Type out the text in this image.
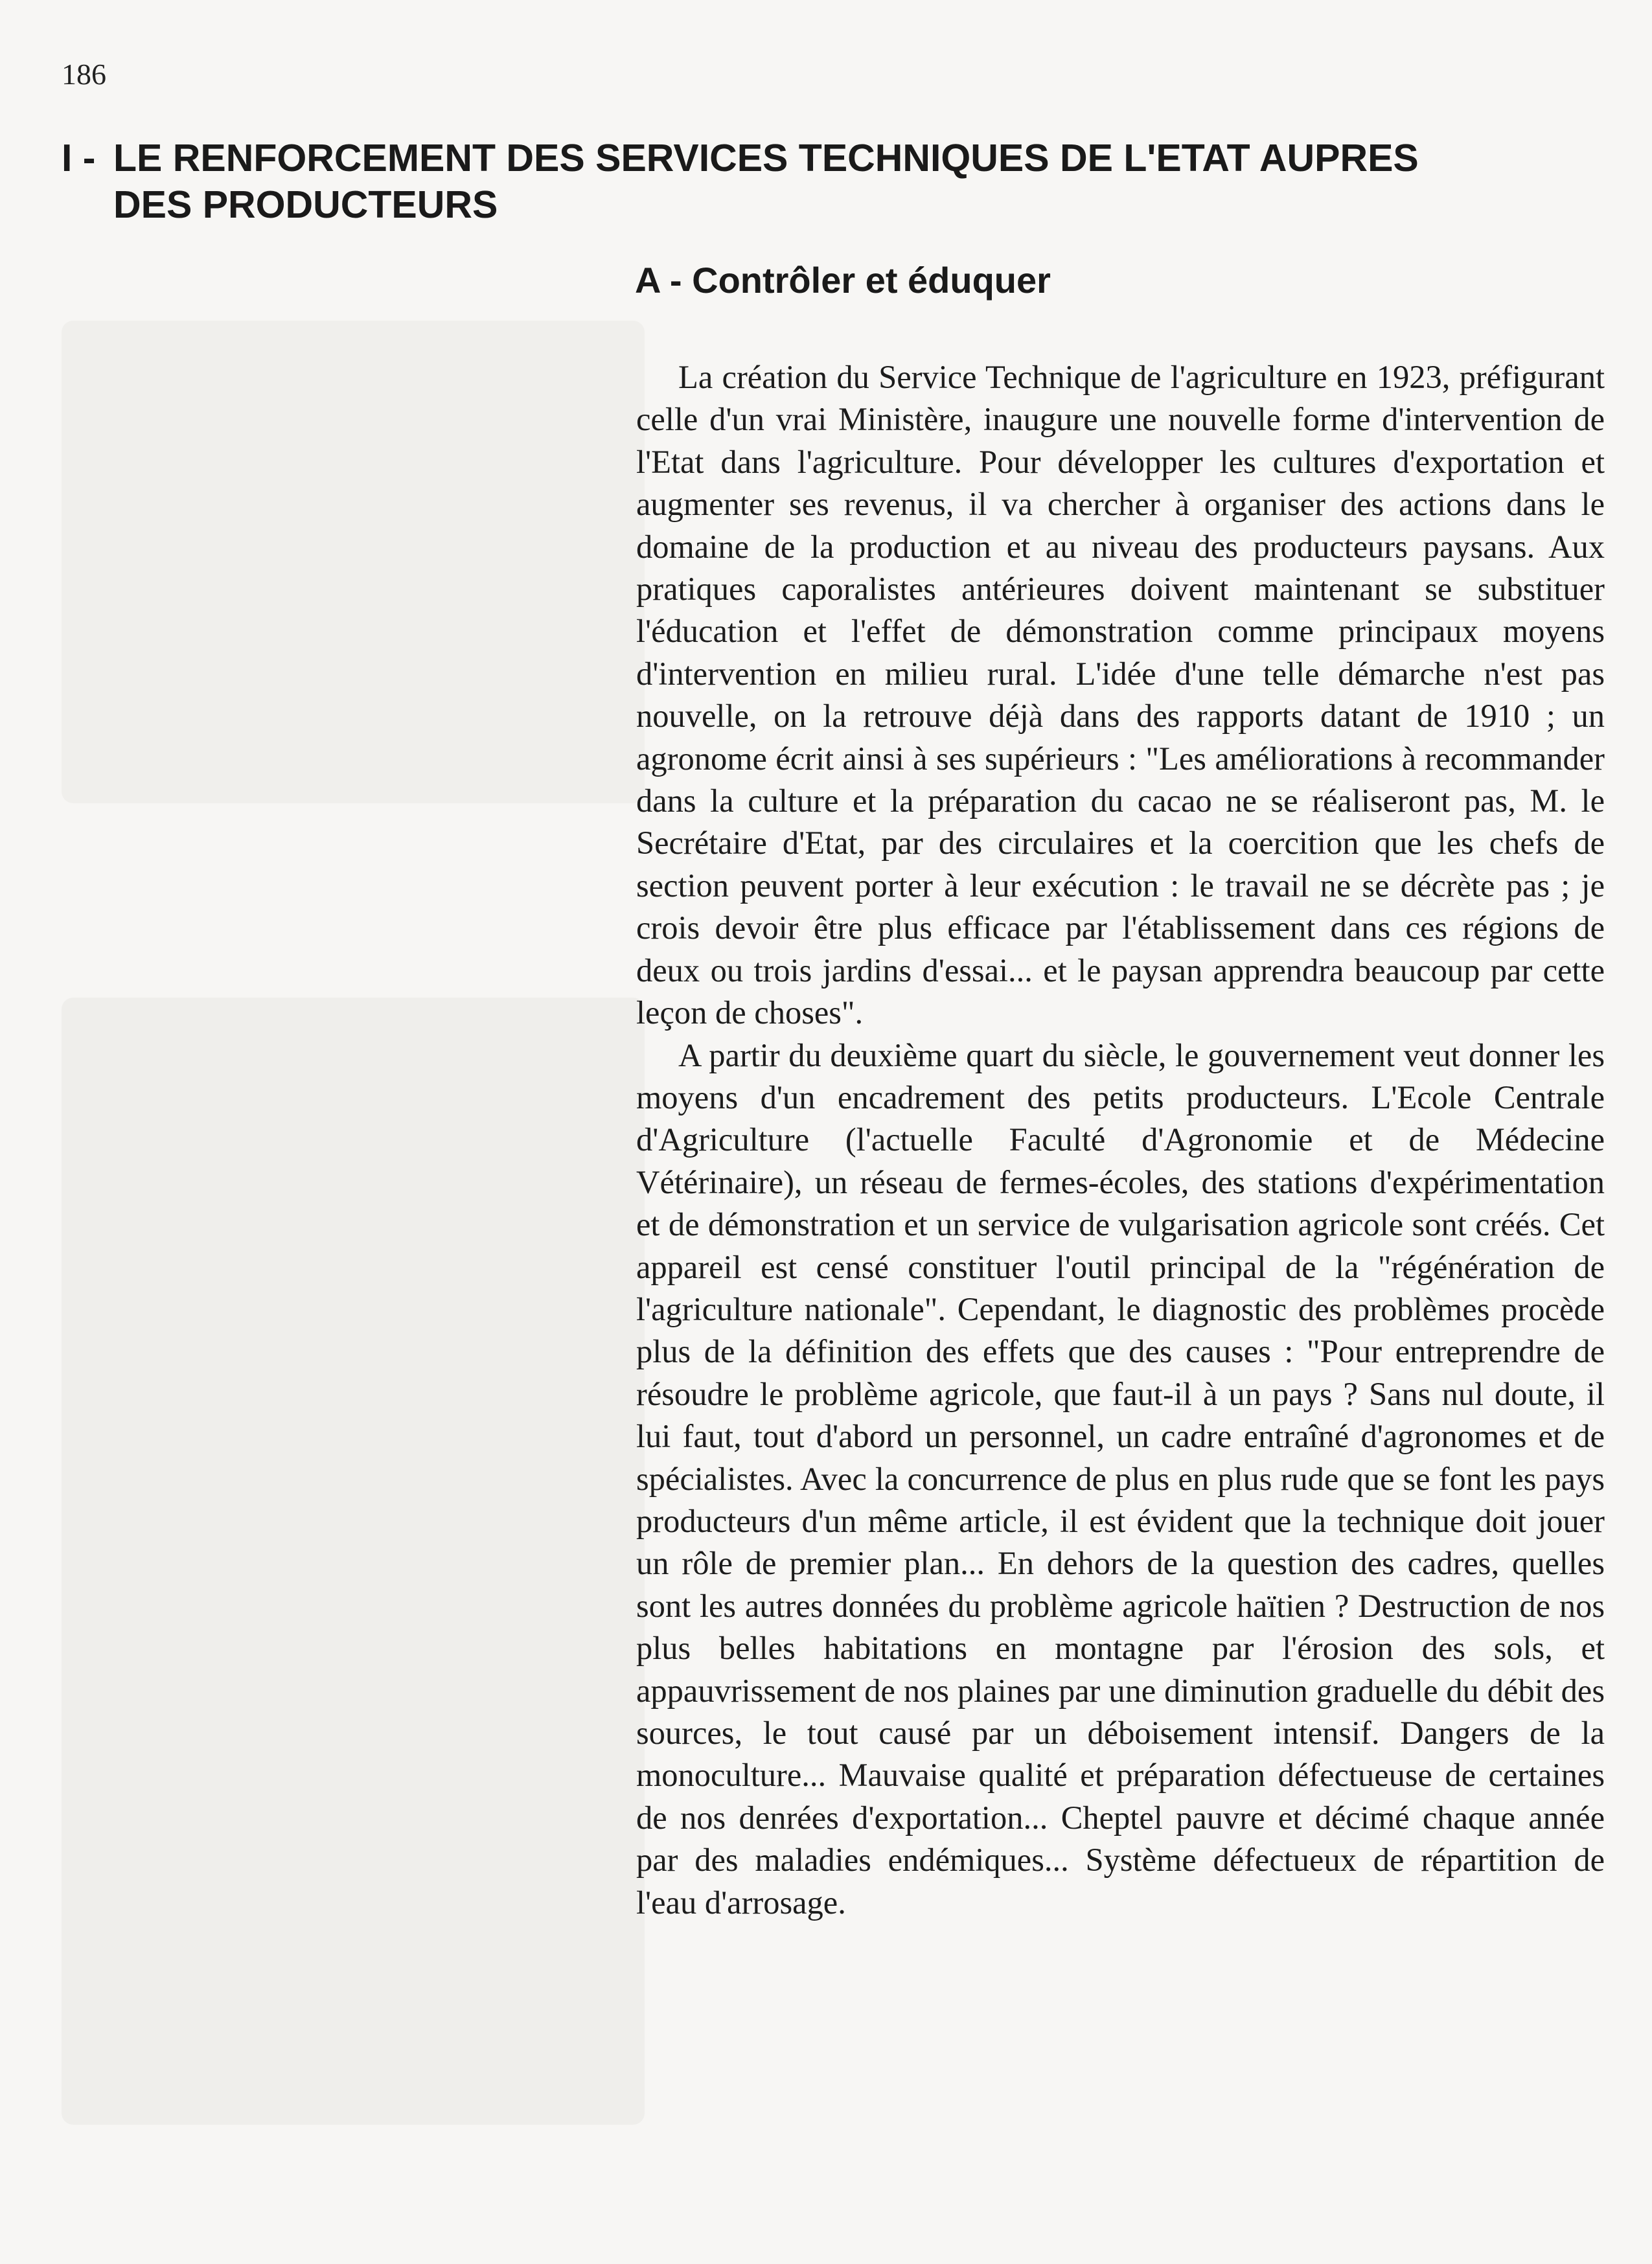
186
I - LE RENFORCEMENT DES SERVICES TECHNIQUES DE L'ETAT AUPRES
DES PRODUCTEURS
A - Contrôler et éduquer

La création du Service Technique de l'agriculture en 1923, préfigurant celle d'un vrai Ministère, inaugure une nouvelle forme d'intervention de l'Etat dans l'agriculture. Pour développer les cultures d'exportation et augmenter ses revenus, il va chercher à organiser des actions dans le domaine de la production et au niveau des producteurs paysans. Aux pratiques caporalistes antérieures doivent maintenant se substituer l'éducation et l'effet de démonstration comme principaux moyens d'intervention en milieu rural. L'idée d'une telle démarche n'est pas nouvelle, on la retrouve déjà dans des rapports datant de 1910 ; un agronome écrit ainsi à ses supérieurs : "Les améliorations à recommander dans la culture et la préparation du cacao ne se réaliseront pas, M. le Secrétaire d'Etat, par des circulaires et la coercition que les chefs de section peuvent porter à leur exécution : le travail ne se décrète pas ; je crois devoir être plus efficace par l'établissement dans ces régions de deux ou trois jardins d'essai... et le paysan apprendra beaucoup par cette leçon de choses".

A partir du deuxième quart du siècle, le gouvernement veut donner les moyens d'un encadrement des petits producteurs. L'Ecole Centrale d'Agriculture (l'actuelle Faculté d'Agronomie et de Médecine Vétérinaire), un réseau de fermes-écoles, des stations d'expérimentation et de démonstration et un service de vulgarisation agricole sont créés. Cet appareil est censé constituer l'outil principal de la "régénération de l'agriculture nationale". Cependant, le diagnostic des problèmes procède plus de la définition des effets que des causes : "Pour entreprendre de résoudre le problème agricole, que faut-il à un pays ? Sans nul doute, il lui faut, tout d'abord un personnel, un cadre entraîné d'agronomes et de spécialistes. Avec la concurrence de plus en plus rude que se font les pays producteurs d'un même article, il est évident que la technique doit jouer un rôle de premier plan... En dehors de la question des cadres, quelles sont les autres données du problème agricole haïtien ? Destruction de nos plus belles habitations en montagne par l'érosion des sols, et appauvrissement de nos plaines par une diminution graduelle du débit des sources, le tout causé par un déboisement intensif. Dangers de la monoculture... Mauvaise qualité et préparation défectueuse de certaines de nos denrées d'exportation... Cheptel pauvre et décimé chaque année par des maladies endémiques... Système défectueux de répartition de l'eau d'arrosage.
